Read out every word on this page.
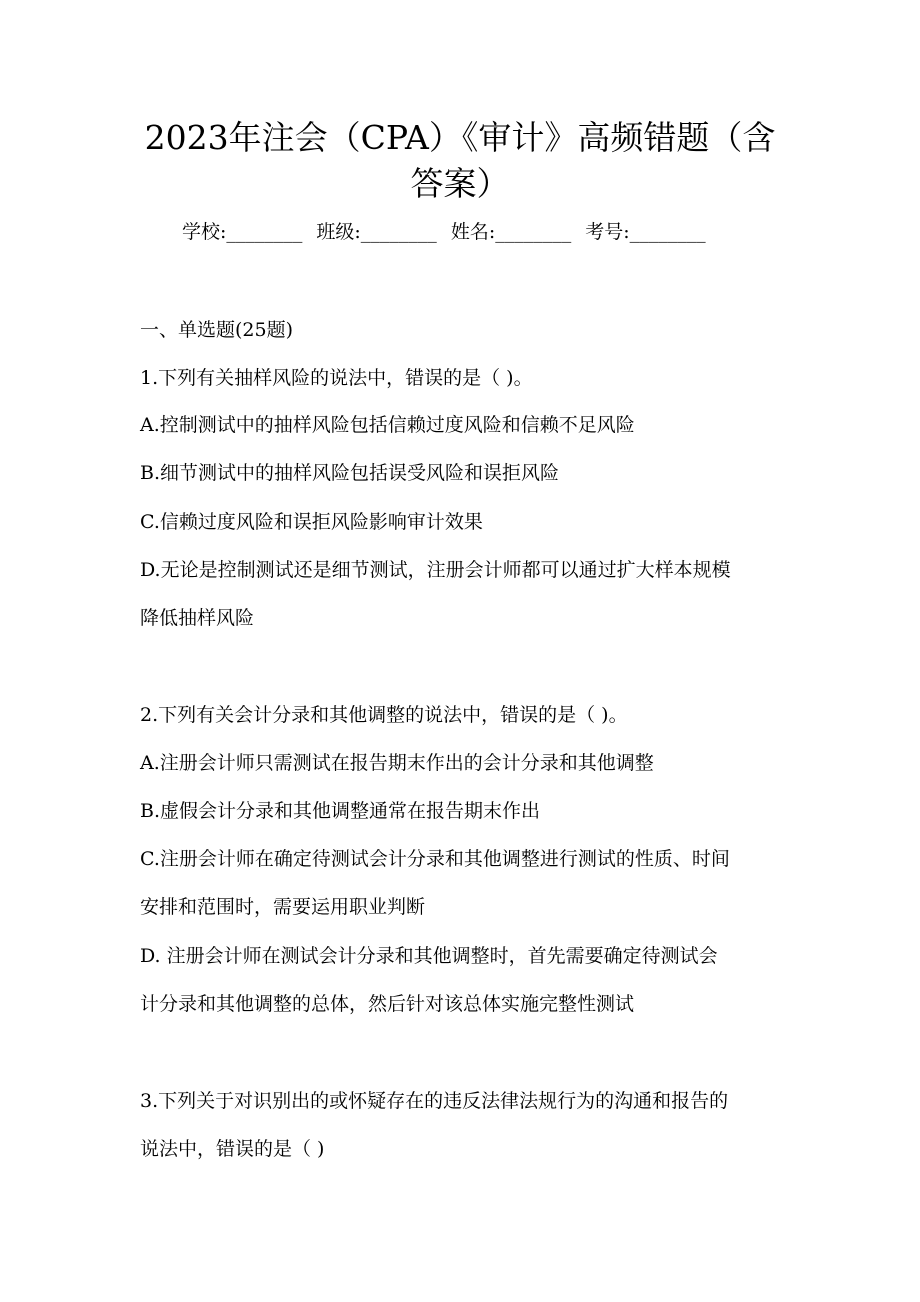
2023年注会（CPA）《审计》高频错题（含
答案）
学校:________ 班级:________ 姓名:________ 考号:________
一、单选题(25题)
1.下列有关抽样风险的说法中，错误的是（ )。
A.控制测试中的抽样风险包括信赖过度风险和信赖不足风险
B.细节测试中的抽样风险包括误受风险和误拒风险
C.信赖过度风险和误拒风险影响审计效果
D.无论是控制测试还是细节测试，注册会计师都可以通过扩大样本规模
降低抽样风险
2.下列有关会计分录和其他调整的说法中，错误的是（ )。
A.注册会计师只需测试在报告期末作出的会计分录和其他调整
B.虚假会计分录和其他调整通常在报告期末作出
C.注册会计师在确定待测试会计分录和其他调整进行测试的性质、时间
安排和范围时，需要运用职业判断
D. 注册会计师在测试会计分录和其他调整时，首先需要确定待测试会
计分录和其他调整的总体，然后针对该总体实施完整性测试
3.下列关于对识别出的或怀疑存在的违反法律法规行为的沟通和报告的
说法中，错误的是（ )
